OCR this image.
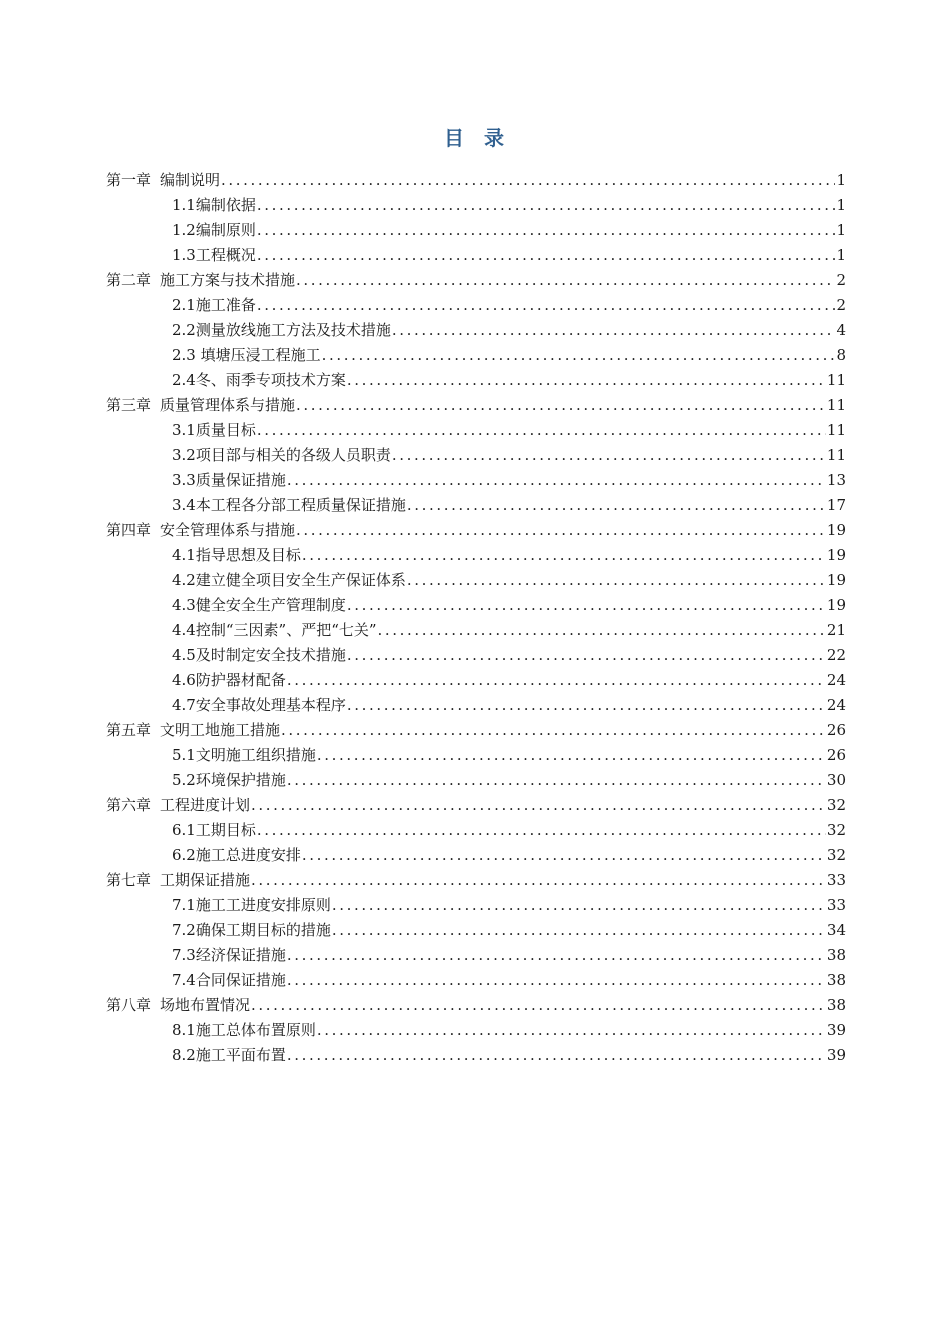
目 录
第一章 编制说明 .....	1
1.1编制依据 .....	1
1.2编制原则 .....	1
1.3工程概况 .....	1
第二章 施工方案与技术措施 .....	2
2.1施工准备 .....	2
2.2测量放线施工方法及技术措施 .....	4
2.3 填塘压浸工程施工 .....	8
2.4冬、雨季专项技术方案 .....	11
第三章 质量管理体系与措施 .....	11
3.1质量目标 .....	11
3.2项目部与相关的各级人员职责 .....	11
3.3质量保证措施 .....	13
3.4本工程各分部工程质量保证措施 .....	17
第四章 安全管理体系与措施 .....	19
4.1指导思想及目标 .....	19
4.2建立健全项目安全生产保证体系 .....	19
4.3健全安全生产管理制度 .....	19
4.4控制“三因素”、严把“七关” .....	21
4.5及时制定安全技术措施 .....	22
4.6防护器材配备 .....	24
4.7安全事故处理基本程序 .....	24
第五章 文明工地施工措施 .....	26
5.1文明施工组织措施 .....	26
5.2环境保护措施 .....	30
第六章 工程进度计划 .....	32
6.1工期目标 .....	32
6.2施工总进度安排 .....	32
第七章 工期保证措施 .....	33
7.1施工工进度安排原则 .....	33
7.2确保工期目标的措施 .....	34
7.3经济保证措施 .....	38
7.4合同保证措施 .....	38
第八章 场地布置情况 .....	38
8.1施工总体布置原则 .....	39
8.2施工平面布置 .....	39
